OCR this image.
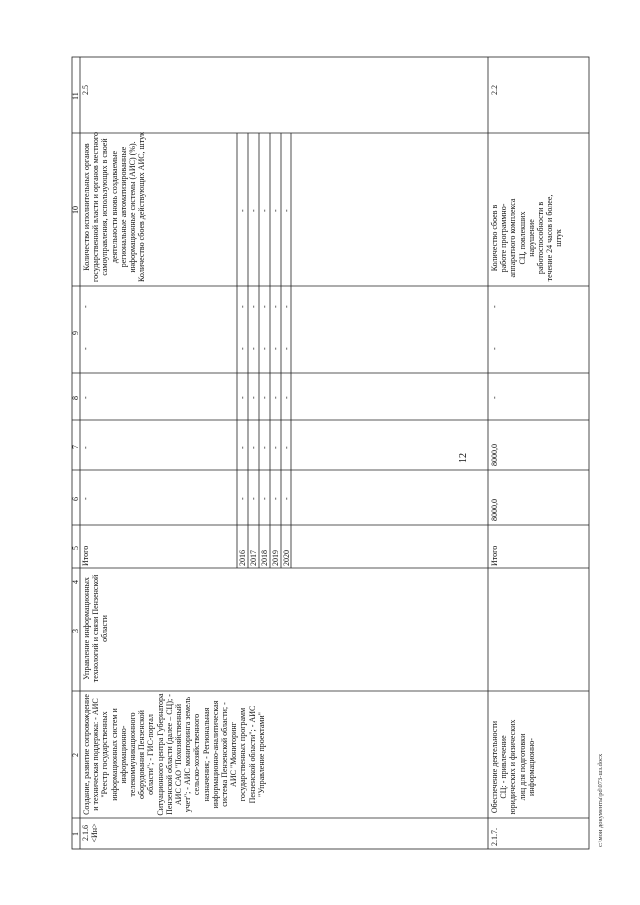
12
11
10
9
8
7
6
5
4
3
2
1 2.1.6 <Ин>
Создание, развитие сопровождение и техническая поддержка: - АИС "Реестр государственных информационных систем и информационно-телекоммуникационного оборудования Пензенской области"; - ГИС-портал Ситуационного центра Губернатора Пензенской области (далее – СЦ); - АИС САО "Похозяйственный учет"; - АИС мониторинга земель сельско-хозяйственного назначения; - Региональная информационно-аналитическая система Пензенской области; - АИС "Мониторинг государственных программ Пензенской области"; - АИС "Управление проектами"
Управление информационных технологий и связи Пензенской области
Итого	2016 2017 2018 2019 2020
-
-
-
-
-
-
-
-
-
-
-
-
-
-
-
-
-
-
-
-
-
-
-
-
-
-
-
-
-
-
Количество исполнительных органов государственной власти и органов местного самоуправления, использующих в своей деятельности вновь создаваемые региональные автоматизированные информационные системы (АИС) (%). Количество сбоев действующих АИС, штук	- - - - -
2.5
2.1.7.
Обеспечение деятельности СЦ: - привлечение юридических и физических лиц для подготовки информационно-
Итого
8000,0
8000,0
-
-
-
Количество сбоев в работе программно-аппаратного комплекса СЦ, повлекших нарушение работоспособности в течение 24 часов и более, штук
2.2
c:\мои документы\pd\073-шз.docx
